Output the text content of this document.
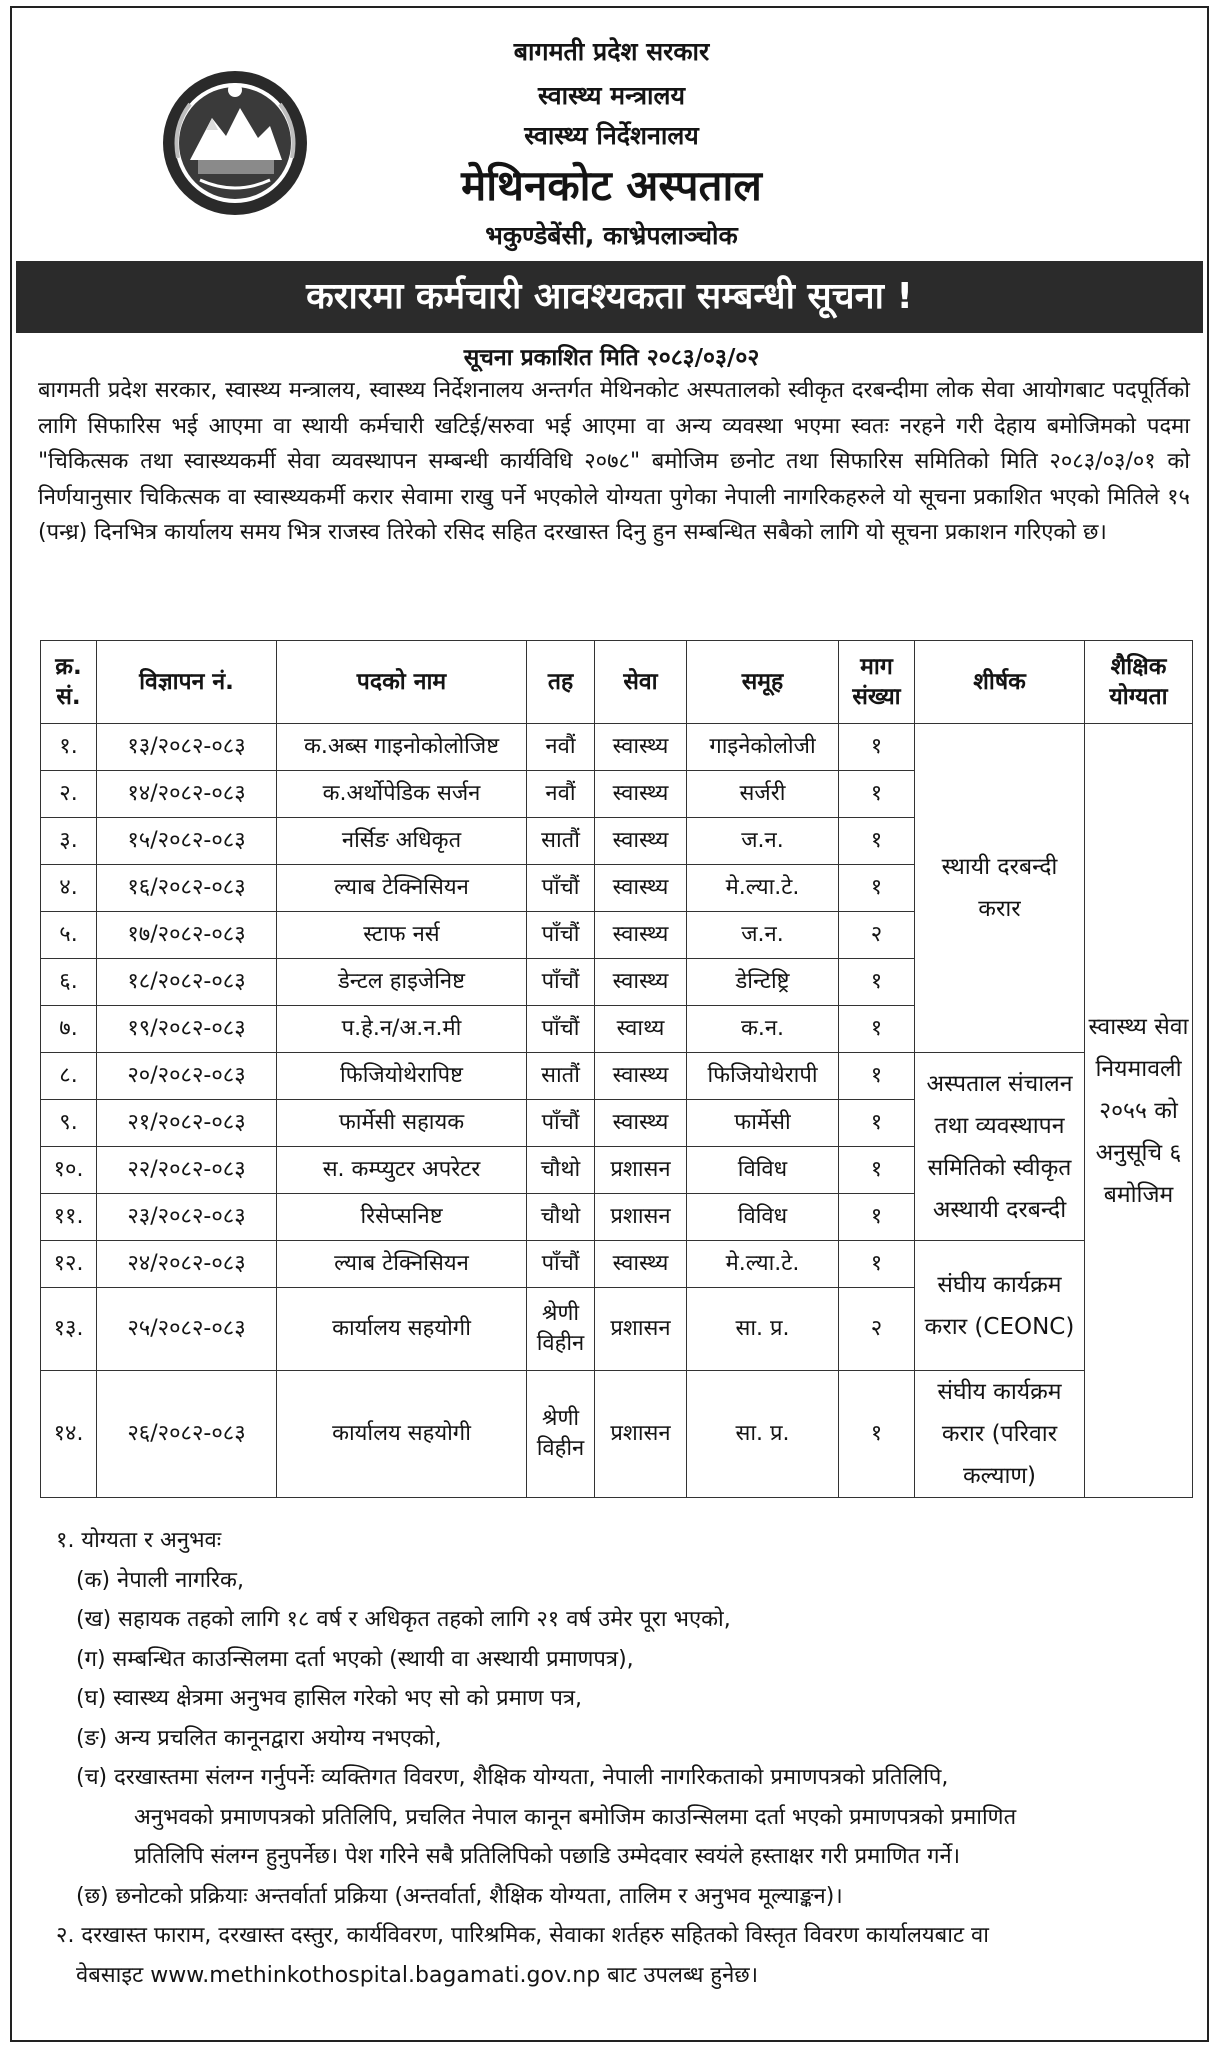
बागमती प्रदेश सरकार
स्वास्थ्य मन्त्रालय
स्वास्थ्य निर्देशनालय
मेथिनकोट अस्पताल
भकुण्डेबेंसी, काभ्रेपलाञ्चोक
करारमा कर्मचारी आवश्यकता सम्बन्धी सूचना !
सूचना प्रकाशित मिति २०८३/०३/०२
बागमती प्रदेश सरकार, स्वास्थ्य मन्त्रालय, स्वास्थ्य निर्देशनालय अन्तर्गत मेथिनकोट अस्पतालको स्वीकृत दरबन्दीमा लोक सेवा आयोगबाट पदपूर्तिको लागि सिफारिस भई आएमा वा स्थायी कर्मचारी खटिई/सरुवा भई आएमा वा अन्य व्यवस्था भएमा स्वतः नरहने गरी देहाय बमोजिमको पदमा "चिकित्सक तथा स्वास्थ्यकर्मी सेवा व्यवस्थापन सम्बन्धी कार्यविधि २०७८" बमोजिम छनोट तथा सिफारिस समितिको मिति २०८३/०३/०१ को निर्णयानुसार चिकित्सक वा स्वास्थ्यकर्मी करार सेवामा राखु पर्ने भएकोले योग्यता पुगेका नेपाली नागरिकहरुले यो सूचना प्रकाशित भएको मितिले १५ (पन्ध्र) दिनभित्र कार्यालय समय भित्र राजस्व तिरेको रसिद सहित दरखास्त दिनु हुन सम्बन्धित सबैको लागि यो सूचना प्रकाशन गरिएको छ।
क्र. सं.	विज्ञापन नं.	पदको नाम	तह	सेवा	समूह	माग संख्या	शीर्षक	शैक्षिक योग्यता
१.	१३/२०८२-०८३	क.अब्स गाइनोकोलोजिष्ट	नवौं	स्वास्थ्य	गाइनेकोलोजी	१	स्थायी दरबन्दी करार	स्वास्थ्य सेवा नियमावली २०५५ को अनुसूचि ६ बमोजिम
२.	१४/२०८२-०८३	क.अर्थोपेडिक सर्जन	नवौं	स्वास्थ्य	सर्जरी	१		
३.	१५/२०८२-०८३	नर्सिङ अधिकृत	सातौं	स्वास्थ्य	ज.न.	१		
४.	१६/२०८२-०८३	ल्याब टेक्निसियन	पाँचौं	स्वास्थ्य	मे.ल्या.टे.	१		
५.	१७/२०८२-०८३	स्टाफ नर्स	पाँचौं	स्वास्थ्य	ज.न.	२		
६.	१८/२०८२-०८३	डेन्टल हाइजेनिष्ट	पाँचौं	स्वास्थ्य	डेन्टिष्ट्रि	१		
७.	१९/२०८२-०८३	प.हे.न/अ.न.मी	पाँचौं	स्वाथ्य	क.न.	१		
८.	२०/२०८२-०८३	फिजियोथेरापिष्ट	सातौं	स्वास्थ्य	फिजियोथेरापी	१	अस्पताल संचालन तथा व्यवस्थापन समितिको स्वीकृत अस्थायी दरबन्दी	
९.	२१/२०८२-०८३	फार्मेसी सहायक	पाँचौं	स्वास्थ्य	फार्मेसी	१		
१०.	२२/२०८२-०८३	स. कम्प्युटर अपरेटर	चौथो	प्रशासन	विविध	१		
११.	२३/२०८२-०८३	रिसेप्सनिष्ट	चौथो	प्रशासन	विविध	१		
१२.	२४/२०८२-०८३	ल्याब टेक्निसियन	पाँचौं	स्वास्थ्य	मे.ल्या.टे.	१	संघीय कार्यक्रम करार (CEONC)	
१३.	२५/२०८२-०८३	कार्यालय सहयोगी	श्रेणी विहीन	प्रशासन	सा. प्र.	२		
१४.	२६/२०८२-०८३	कार्यालय सहयोगी	श्रेणी विहीन	प्रशासन	सा. प्र.	१	संघीय कार्यक्रम करार (परिवार कल्याण)	
१. योग्यता र अनुभवः
(क) नेपाली नागरिक,
(ख) सहायक तहको लागि १८ वर्ष र अधिकृत तहको लागि २१ वर्ष उमेर पूरा भएको,
(ग) सम्बन्धित काउन्सिलमा दर्ता भएको (स्थायी वा अस्थायी प्रमाणपत्र),
(घ) स्वास्थ्य क्षेत्रमा अनुभव हासिल गरेको भए सो को प्रमाण पत्र,
(ङ) अन्य प्रचलित कानूनद्वारा अयोग्य नभएको,
(च) दरखास्तमा संलग्न गर्नुपर्नेः व्यक्तिगत विवरण, शैक्षिक योग्यता, नेपाली नागरिकताको प्रमाणपत्रको प्रतिलिपि,
अनुभवको प्रमाणपत्रको प्रतिलिपि, प्रचलित नेपाल कानून बमोजिम काउन्सिलमा दर्ता भएको प्रमाणपत्रको प्रमाणित
प्रतिलिपि संलग्न हुनुपर्नेछ। पेश गरिने सबै प्रतिलिपिको पछाडि उम्मेदवार स्वयंले हस्ताक्षर गरी प्रमाणित गर्ने।
(छ) छनोटको प्रक्रियाः अन्तर्वार्ता प्रक्रिया (अन्तर्वार्ता, शैक्षिक योग्यता, तालिम र अनुभव मूल्याङ्कन)।
२. दरखास्त फाराम, दरखास्त दस्तुर, कार्यविवरण, पारिश्रमिक, सेवाका शर्तहरु सहितको विस्तृत विवरण कार्यालयबाट वा
वेबसाइट www.methinkothospital.bagamati.gov.np बाट उपलब्ध हुनेछ।
